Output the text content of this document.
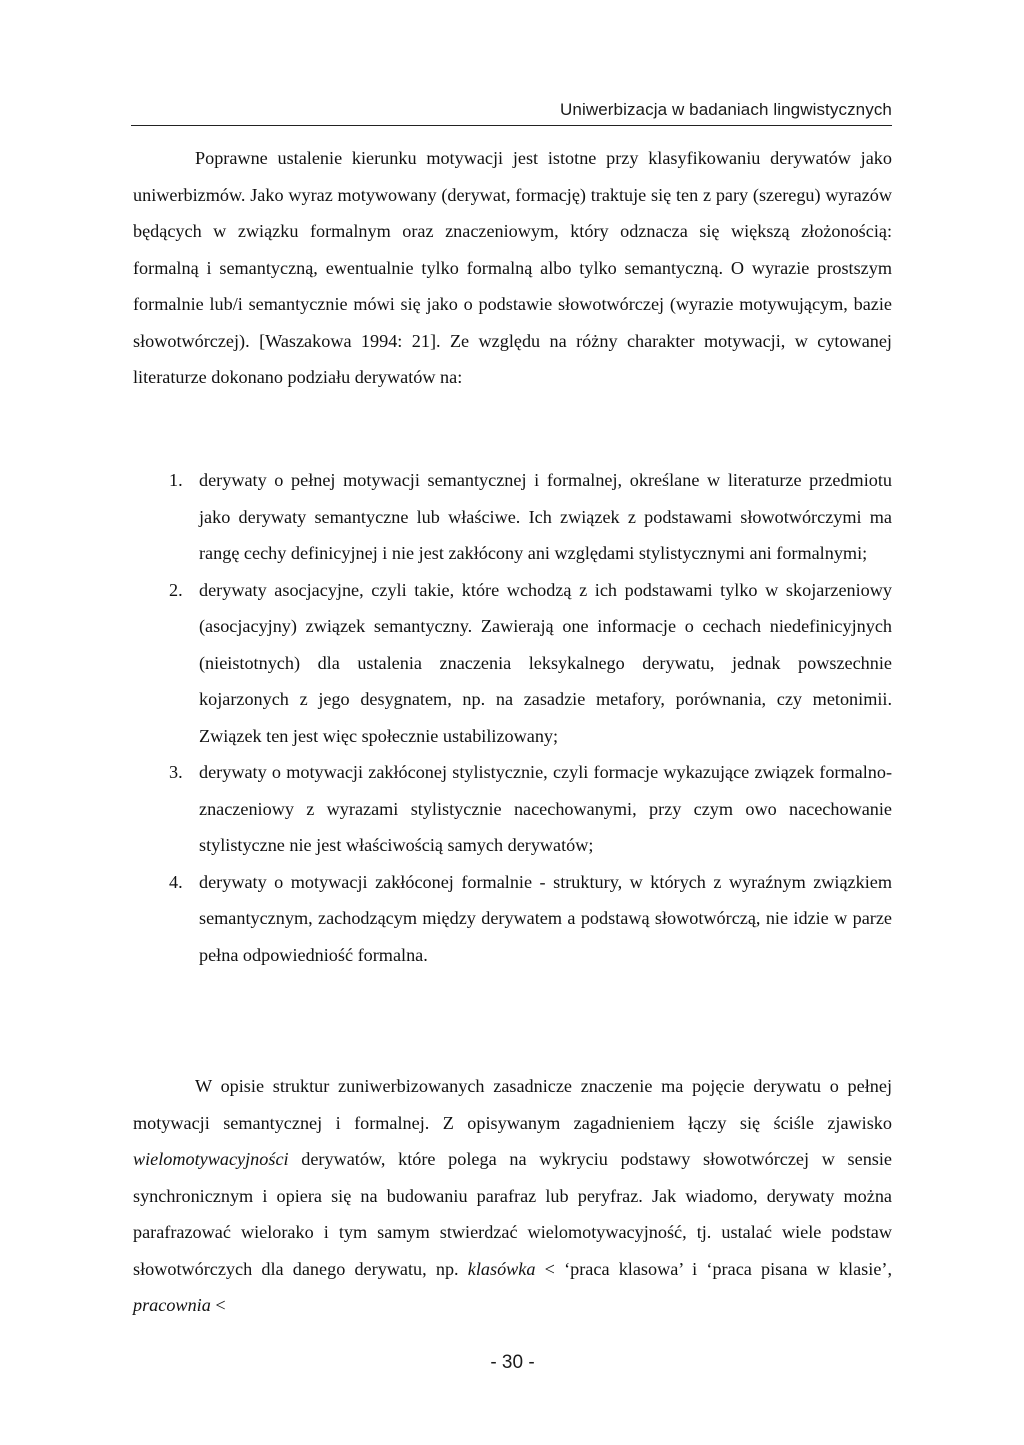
Uniwerbizacja w badaniach lingwistycznych

Poprawne ustalenie kierunku motywacji jest istotne przy klasyfikowaniu derywatów jako uniwerbizmów. Jako wyraz motywowany (derywat, formację) traktuje się ten z pary (szeregu) wyrazów będących w związku formalnym oraz znaczeniowym, który odznacza się większą złożonością: formalną i semantyczną, ewentualnie tylko formalną albo tylko semantyczną. O wyrazie prostszym formalnie lub/i semantycznie mówi się jako o podstawie słowotwórczej (wyrazie motywującym, bazie słowotwórczej). [Waszakowa 1994: 21]. Ze względu na różny charakter motywacji, w cytowanej literaturze dokonano podziału derywatów na:

1. derywaty o pełnej motywacji semantycznej i formalnej, określane w literaturze przedmiotu jako derywaty semantyczne lub właściwe. Ich związek z podstawami słowotwórczymi ma rangę cechy definicyjnej i nie jest zakłócony ani względami stylistycznymi ani formalnymi;
2. derywaty asocjacyjne, czyli takie, które wchodzą z ich podstawami tylko w skojarzeniowy (asocjacyjny) związek semantyczny. Zawierają one informacje o cechach niedefinicyjnych (nieistotnych) dla ustalenia znaczenia leksykalnego derywatu, jednak powszechnie kojarzonych z jego desygnatem, np. na zasadzie metafory, porównania, czy metonimii. Związek ten jest więc społecznie ustabilizowany;
3. derywaty o motywacji zakłóconej stylistycznie, czyli formacje wykazujące związek formalno-znaczeniowy z wyrazami stylistycznie nacechowanymi, przy czym owo nacechowanie stylistyczne nie jest właściwością samych derywatów;
4. derywaty o motywacji zakłóconej formalnie - struktury, w których z wyraźnym związkiem semantycznym, zachodzącym między derywatem a podstawą słowotwórczą, nie idzie w parze pełna odpowiedniość formalna.

W opisie struktur zuniwerbizowanych zasadnicze znaczenie ma pojęcie derywatu o pełnej motywacji semantycznej i formalnej. Z opisywanym zagadnieniem łączy się ściśle zjawisko wielomotywacyjności derywatów, które polega na wykryciu podstawy słowotwórczej w sensie synchronicznym i opiera się na budowaniu parafraz lub peryfraz. Jak wiadomo, derywaty można parafrazować wielorako i tym samym stwierdzać wielomotywacyjność, tj. ustalać wiele podstaw słowotwórczych dla danego derywatu, np. klasówka < ‘praca klasowa’ i ‘praca pisana w klasie’, pracownia <

- 30 -
